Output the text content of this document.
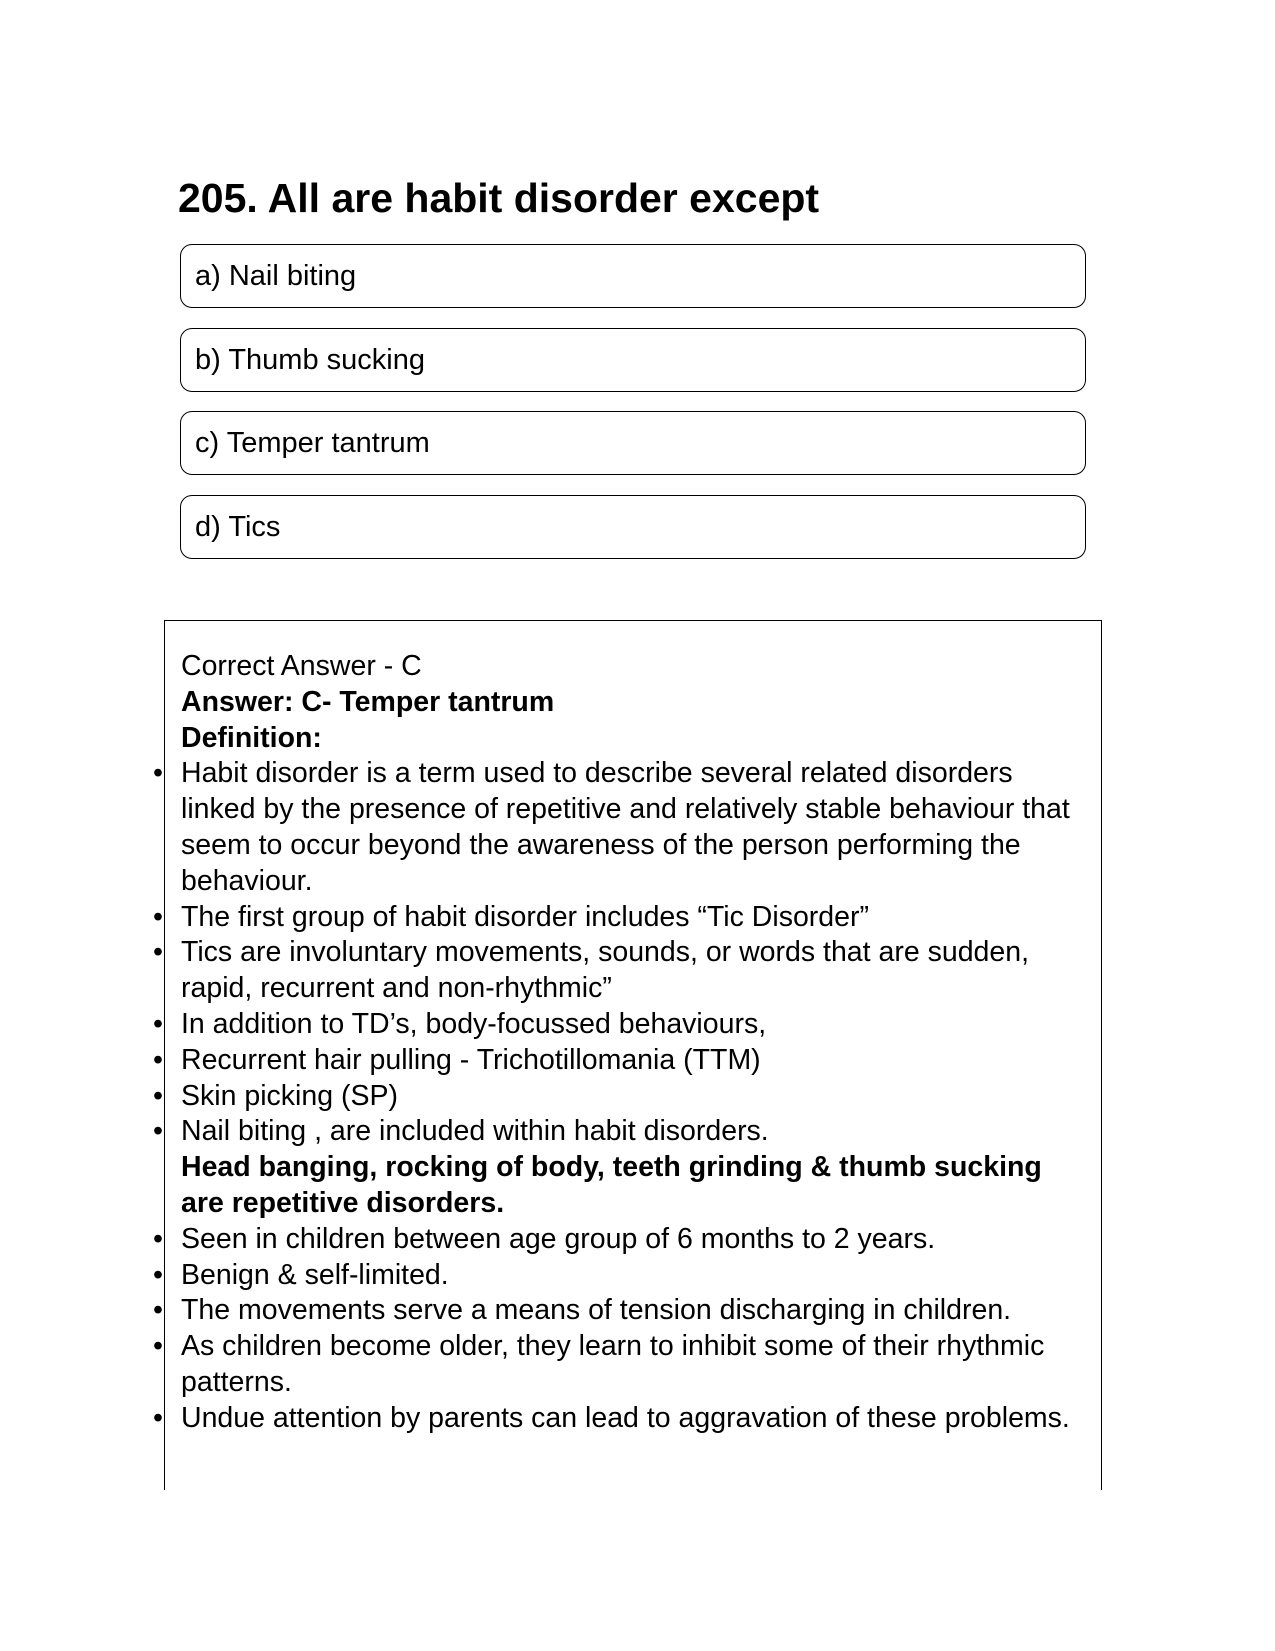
205. All are habit disorder except
a) Nail biting
b) Thumb sucking
c) Temper tantrum
d) Tics

Correct Answer - C

Answer: C- Temper tantrum

Definition:

• Habit disorder is a term used to describe several related disorders linked by the presence of repetitive and relatively stable behaviour that seem to occur beyond the awareness of the person performing the behaviour.

• The first group of habit disorder includes “Tic Disorder”

• Tics are involuntary movements, sounds, or words that are sudden, rapid, recurrent and non-rhythmic”

• In addition to TD’s, body-focussed behaviours,

• Recurrent hair pulling - Trichotillomania (TTM)

• Skin picking (SP)

• Nail biting , are included within habit disorders.

Head banging, rocking of body, teeth grinding & thumb sucking are repetitive disorders.

• Seen in children between age group of 6 months to 2 years.

• Benign & self-limited.

• The movements serve a means of tension discharging in children.

• As children become older, they learn to inhibit some of their rhythmic patterns.

• Undue attention by parents can lead to aggravation of these problems.
